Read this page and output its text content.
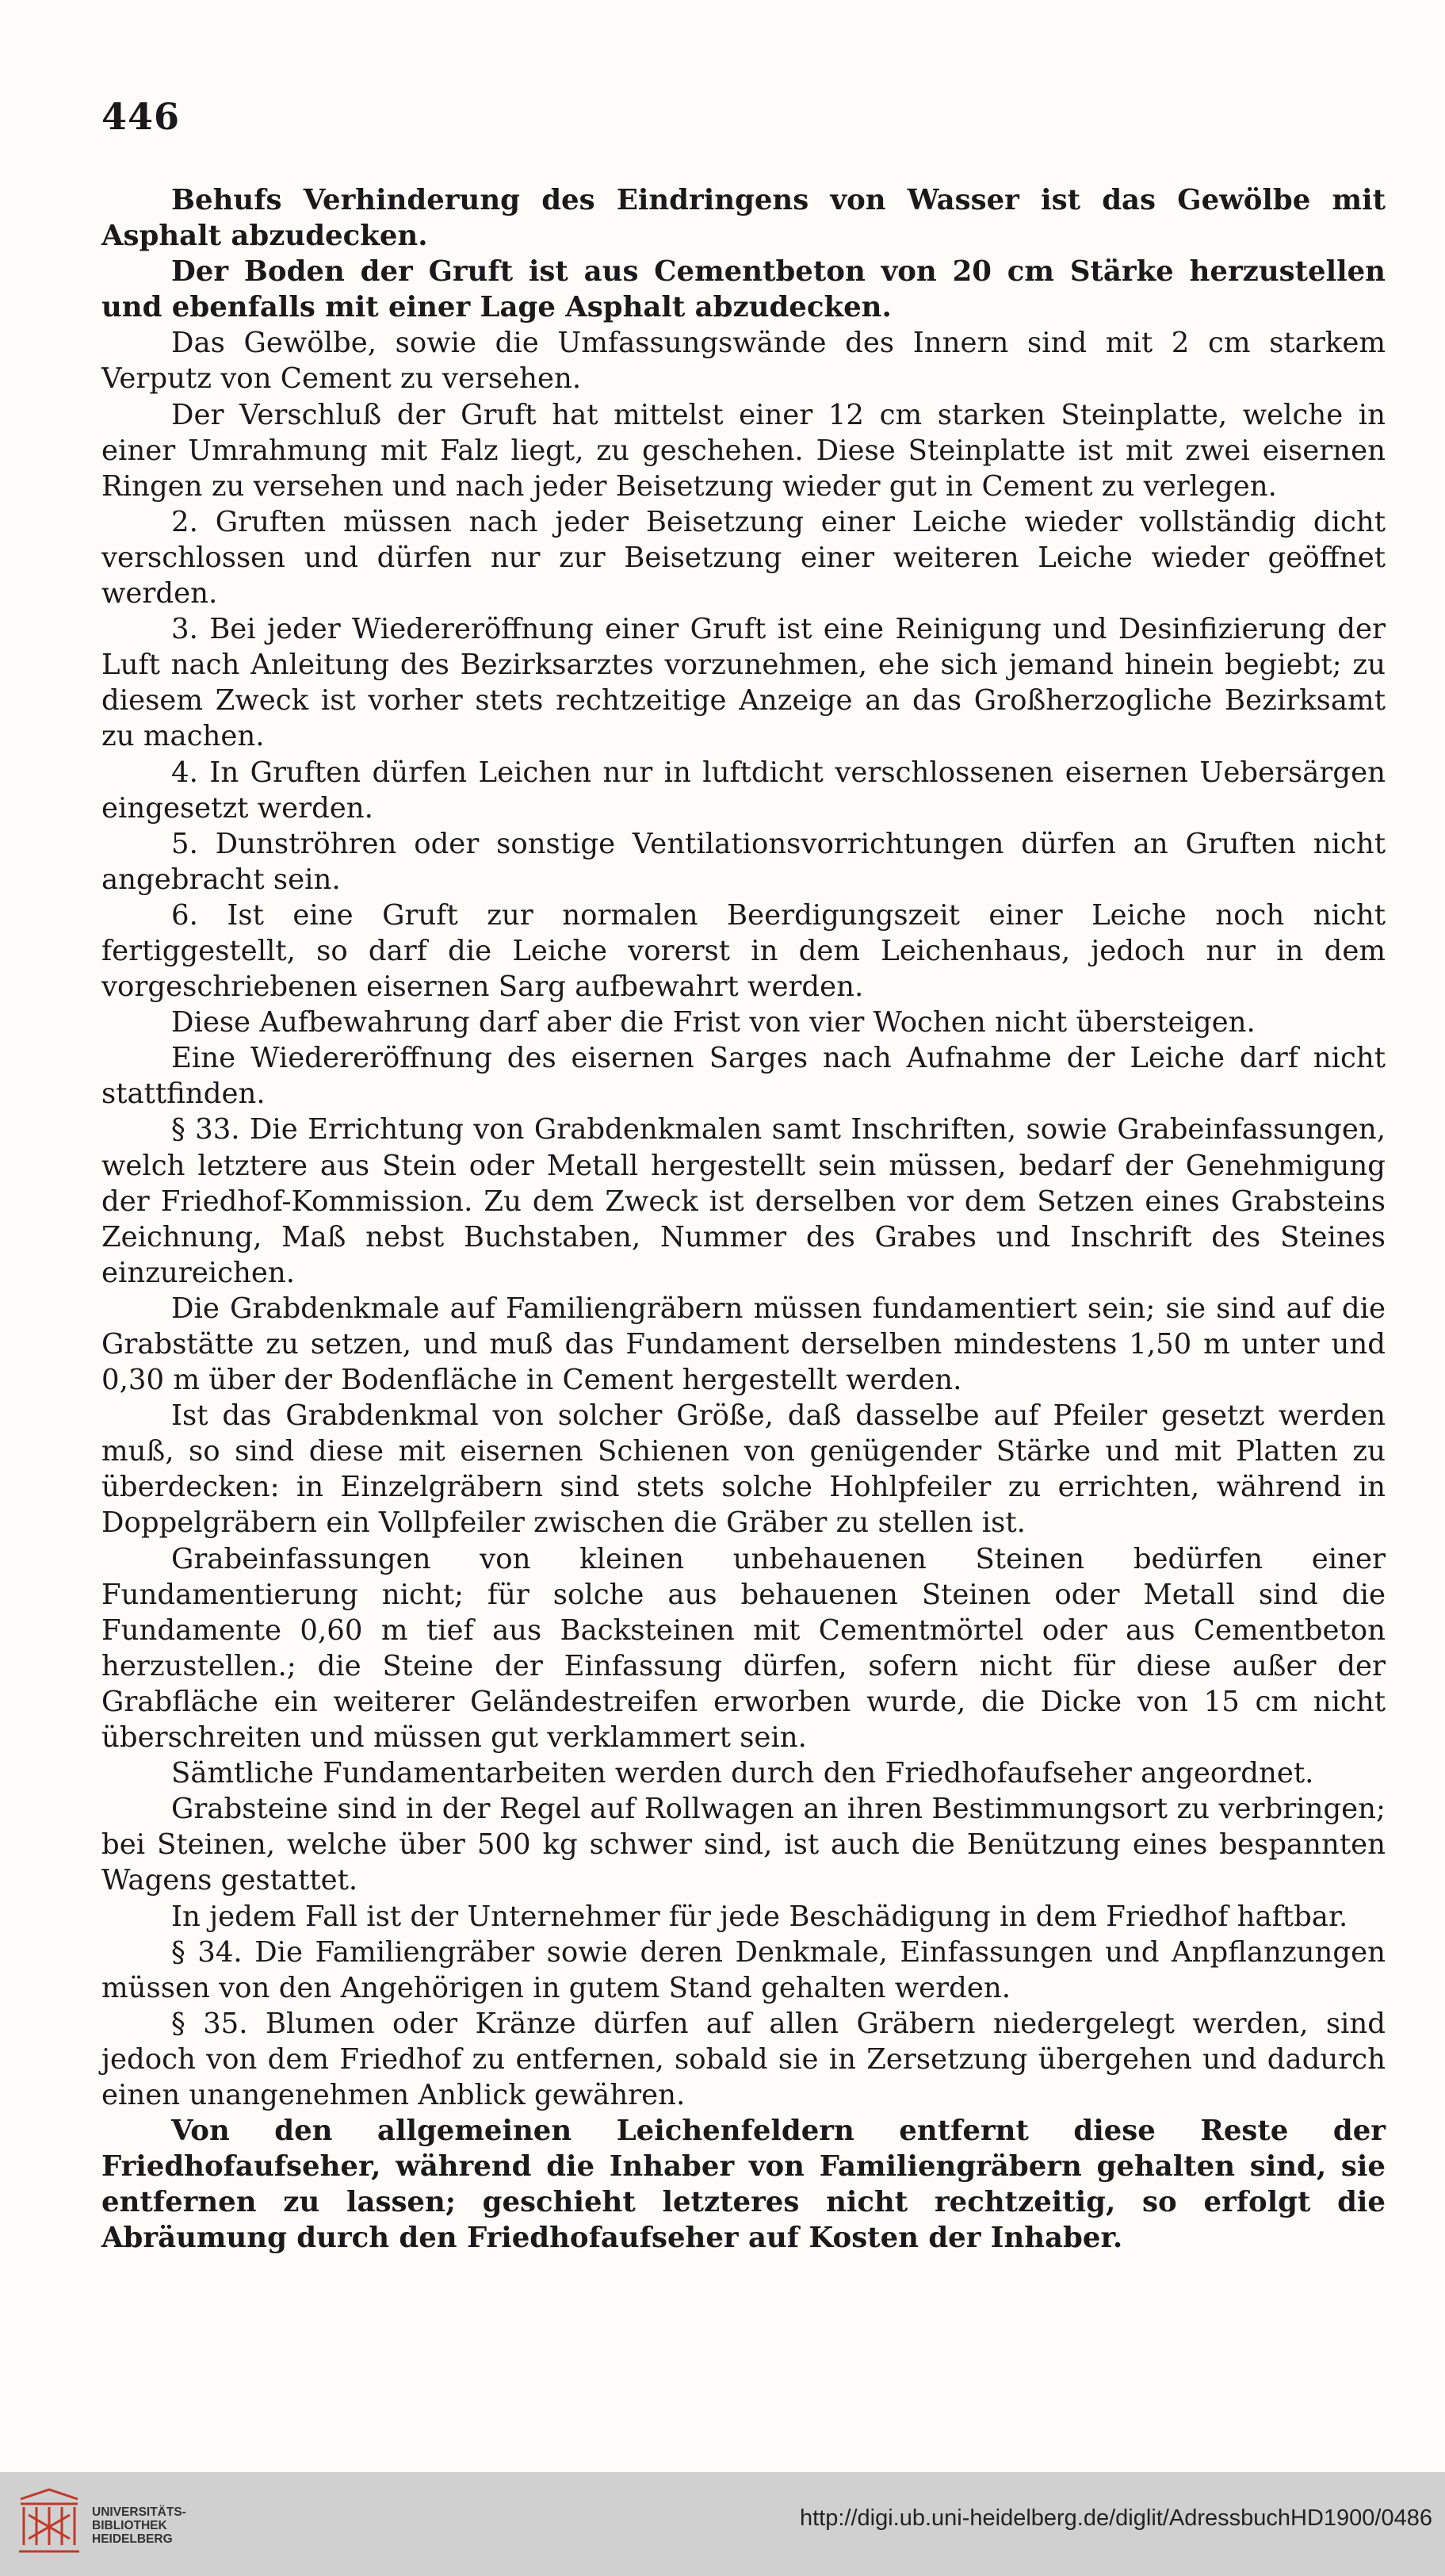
446

Behufs Verhinderung des Eindringens von Wasser ist das Gewölbe mit Asphalt abzudecken.

Der Boden der Gruft ist aus Cementbeton von 20 cm Stärke herzustellen und ebenfalls mit einer Lage Asphalt abzudecken.

Das Gewölbe, sowie die Umfassungswände des Innern sind mit 2 cm starkem Verputz von Cement zu versehen.

Der Verschluß der Gruft hat mittelst einer 12 cm starken Steinplatte, welche in einer Umrahmung mit Falz liegt, zu geschehen. Diese Steinplatte ist mit zwei eisernen Ringen zu versehen und nach jeder Beisetzung wieder gut in Cement zu verlegen.

2. Gruften müssen nach jeder Beisetzung einer Leiche wieder vollständig dicht verschlossen und dürfen nur zur Beisetzung einer weiteren Leiche wieder geöffnet werden.

3. Bei jeder Wiedereröffnung einer Gruft ist eine Reinigung und Desinfizierung der Luft nach Anleitung des Bezirksarztes vorzunehmen, ehe sich jemand hinein begiebt; zu diesem Zweck ist vorher stets rechtzeitige Anzeige an das Großherzogliche Bezirksamt zu machen.

4. In Gruften dürfen Leichen nur in luftdicht verschlossenen eisernen Uebersärgen eingesetzt werden.

5. Dunströhren oder sonstige Ventilationsvorrichtungen dürfen an Gruften nicht angebracht sein.

6. Ist eine Gruft zur normalen Beerdigungszeit einer Leiche noch nicht fertiggestellt, so darf die Leiche vorerst in dem Leichenhaus, jedoch nur in dem vorgeschriebenen eisernen Sarg aufbewahrt werden.

Diese Aufbewahrung darf aber die Frist von vier Wochen nicht übersteigen.

Eine Wiedereröffnung des eisernen Sarges nach Aufnahme der Leiche darf nicht stattfinden.

§ 33. Die Errichtung von Grabdenkmalen samt Inschriften, sowie Grabeinfassungen, welch letztere aus Stein oder Metall hergestellt sein müssen, bedarf der Genehmigung der Friedhof-Kommission. Zu dem Zweck ist derselben vor dem Setzen eines Grabsteins Zeichnung, Maß nebst Buchstaben, Nummer des Grabes und Inschrift des Steines einzureichen.

Die Grabdenkmale auf Familiengräbern müssen fundamentiert sein; sie sind auf die Grabstätte zu setzen, und muß das Fundament derselben mindestens 1,50 m unter und 0,30 m über der Bodenfläche in Cement hergestellt werden.

Ist das Grabdenkmal von solcher Größe, daß dasselbe auf Pfeiler gesetzt werden muß, so sind diese mit eisernen Schienen von genügender Stärke und mit Platten zu überdecken: in Einzelgräbern sind stets solche Hohlpfeiler zu errichten, während in Doppelgräbern ein Vollpfeiler zwischen die Gräber zu stellen ist.

Grabeinfassungen von kleinen unbehauenen Steinen bedürfen einer Fundamentierung nicht; für solche aus behauenen Steinen oder Metall sind die Fundamente 0,60 m tief aus Backsteinen mit Cementmörtel oder aus Cementbeton herzustellen.; die Steine der Einfassung dürfen, sofern nicht für diese außer der Grabfläche ein weiterer Geländestreifen erworben wurde, die Dicke von 15 cm nicht überschreiten und müssen gut verklammert sein.

Sämtliche Fundamentarbeiten werden durch den Friedhofaufseher angeordnet.

Grabsteine sind in der Regel auf Rollwagen an ihren Bestimmungsort zu verbringen; bei Steinen, welche über 500 kg schwer sind, ist auch die Benützung eines bespannten Wagens gestattet.

In jedem Fall ist der Unternehmer für jede Beschädigung in dem Friedhof haftbar.

§ 34. Die Familiengräber sowie deren Denkmale, Einfassungen und Anpflanzungen müssen von den Angehörigen in gutem Stand gehalten werden.

§ 35. Blumen oder Kränze dürfen auf allen Gräbern niedergelegt werden, sind jedoch von dem Friedhof zu entfernen, sobald sie in Zersetzung übergehen und dadurch einen unangenehmen Anblick gewähren.

Von den allgemeinen Leichenfeldern entfernt diese Reste der Friedhofaufseher, während die Inhaber von Familiengräbern gehalten sind, sie entfernen zu lassen; geschieht letzteres nicht rechtzeitig, so erfolgt die Abräumung durch den Friedhofaufseher auf Kosten der Inhaber.

UNIVERSITÄTS-
BIBLIOTHEK
HEIDELBERG
http://digi.ub.uni-heidelberg.de/diglit/AdressbuchHD1900/0486
